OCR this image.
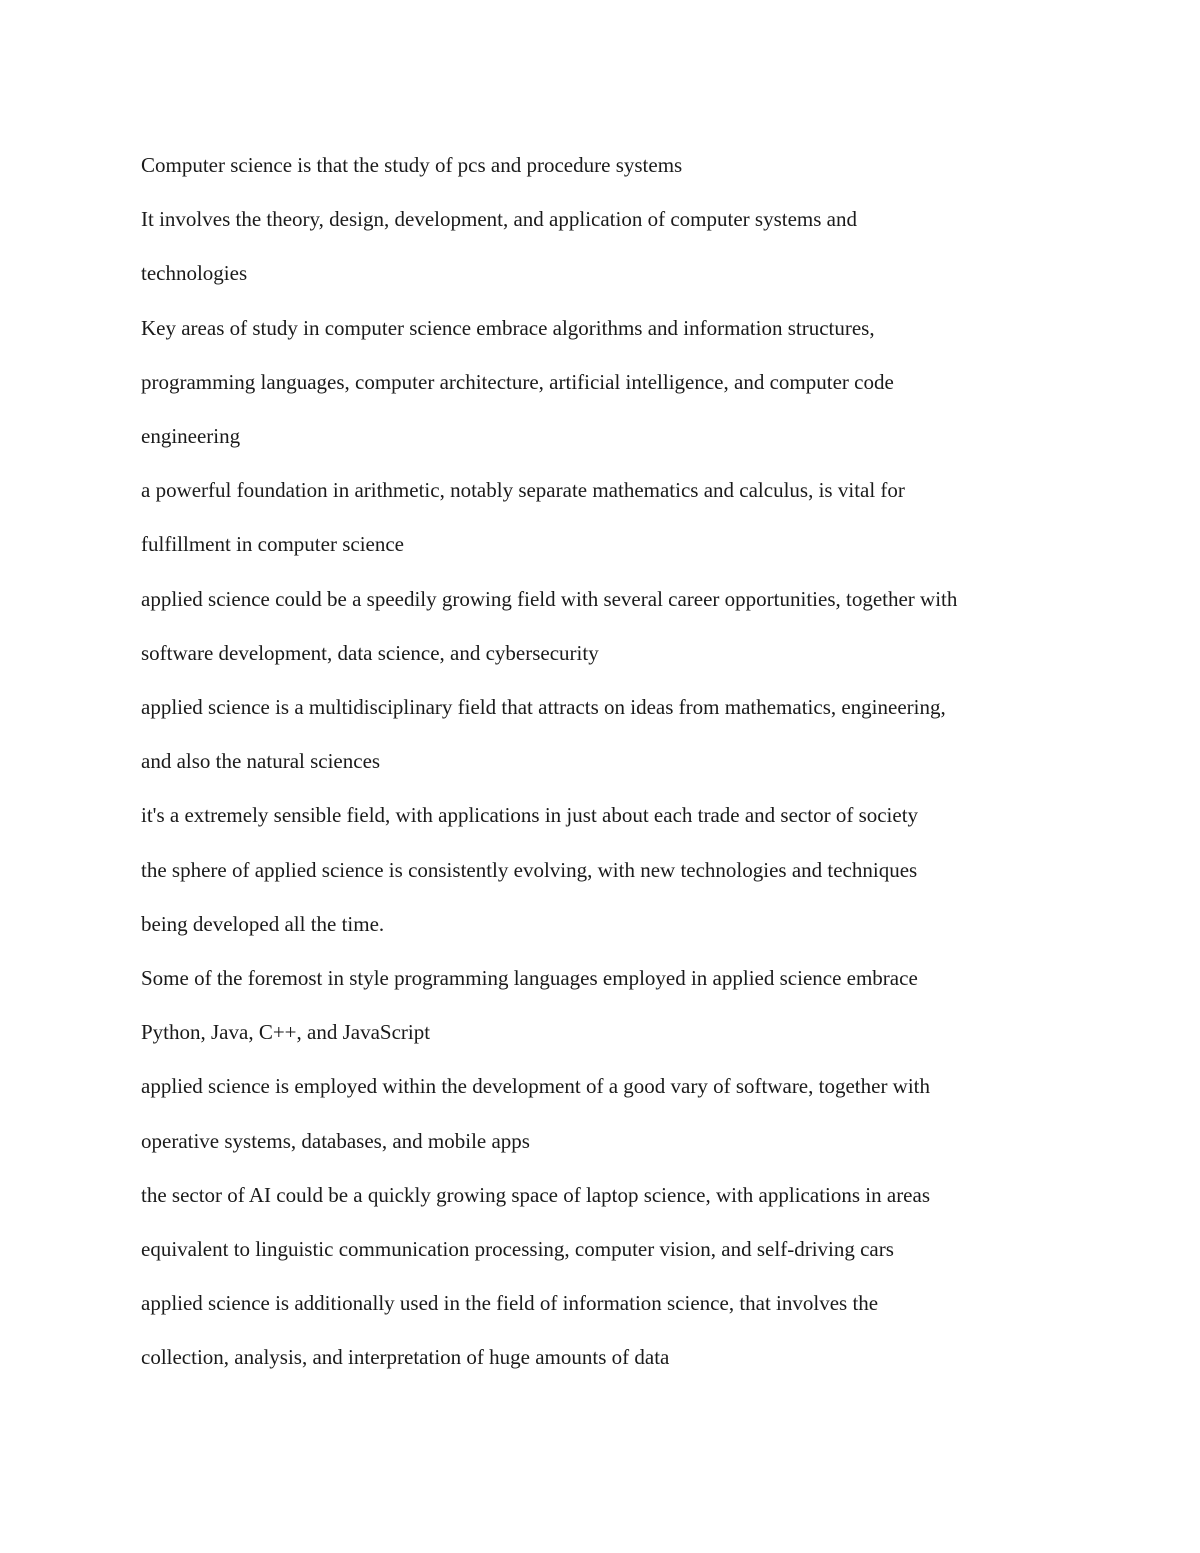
Computer science is that the study of pcs and procedure systems

It involves the theory, design, development, and application of computer systems and

technologies

Key areas of study in computer science embrace algorithms and information structures,

programming languages, computer architecture, artificial intelligence, and computer code

engineering

a powerful foundation in arithmetic, notably separate mathematics and calculus, is vital for

fulfillment in computer science

applied science could be a speedily growing field with several career opportunities, together with

software development, data science, and cybersecurity

applied science is a multidisciplinary field that attracts on ideas from mathematics, engineering,

and also the natural sciences

it's a extremely sensible field, with applications in just about each trade and sector of society

the sphere of applied science is consistently evolving, with new technologies and techniques

being developed all the time.

Some of the foremost in style programming languages employed in applied science embrace

Python, Java, C++, and JavaScript

applied science is employed within the development of a good vary of software, together with

operative systems, databases, and mobile apps

the sector of AI could be a quickly growing space of laptop science, with applications in areas

equivalent to linguistic communication processing, computer vision, and self-driving cars

applied science is additionally used in the field of information science, that involves the

collection, analysis, and interpretation of huge amounts of data
